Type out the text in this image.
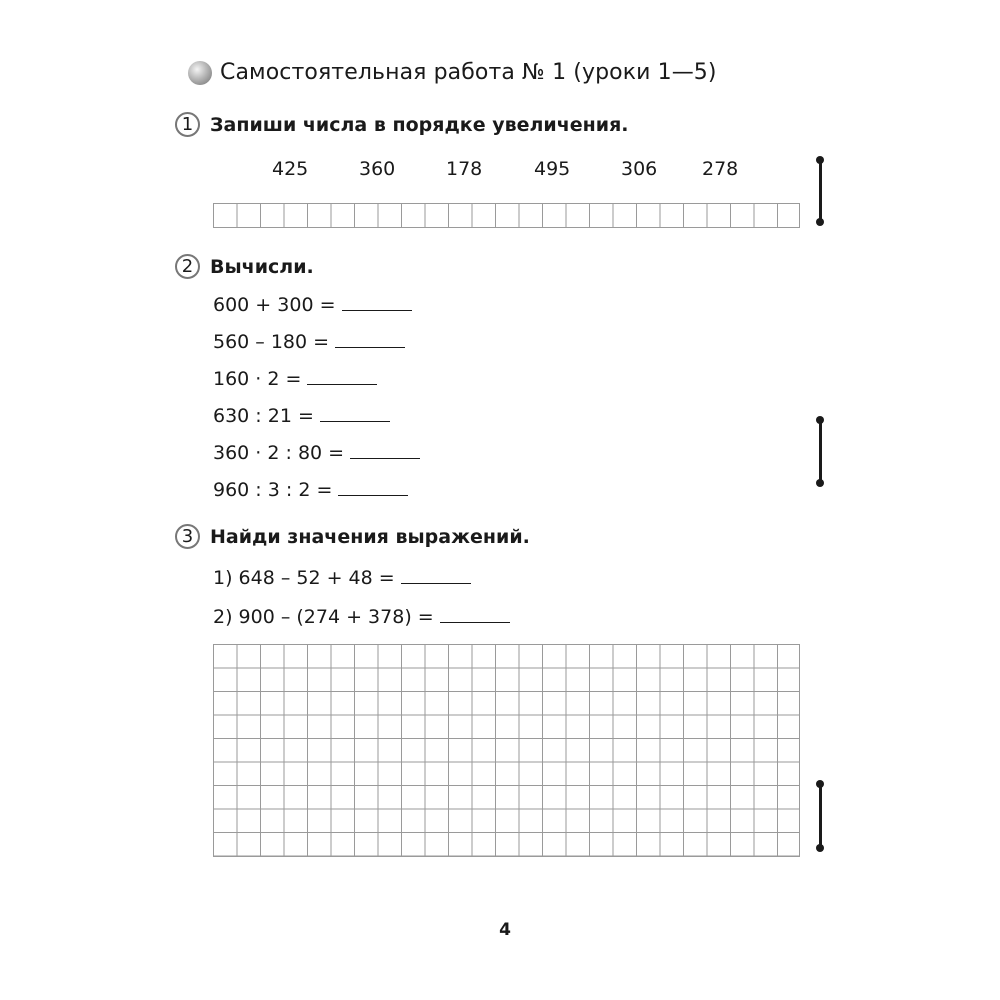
Самостоятельная работа № 1 (уроки 1—5)
1 Запиши числа в порядке увеличения.
425	360	178	495	306 278
2 Вычисли.
600 + 300 =
560 – 180 =
160 · 2 =
630 : 21 =
360 · 2 : 80 =
960 : 3 : 2 =
3 Найди значения выражений.
1) 648 – 52 + 48 =
2) 900 – (274 + 378) =
4
